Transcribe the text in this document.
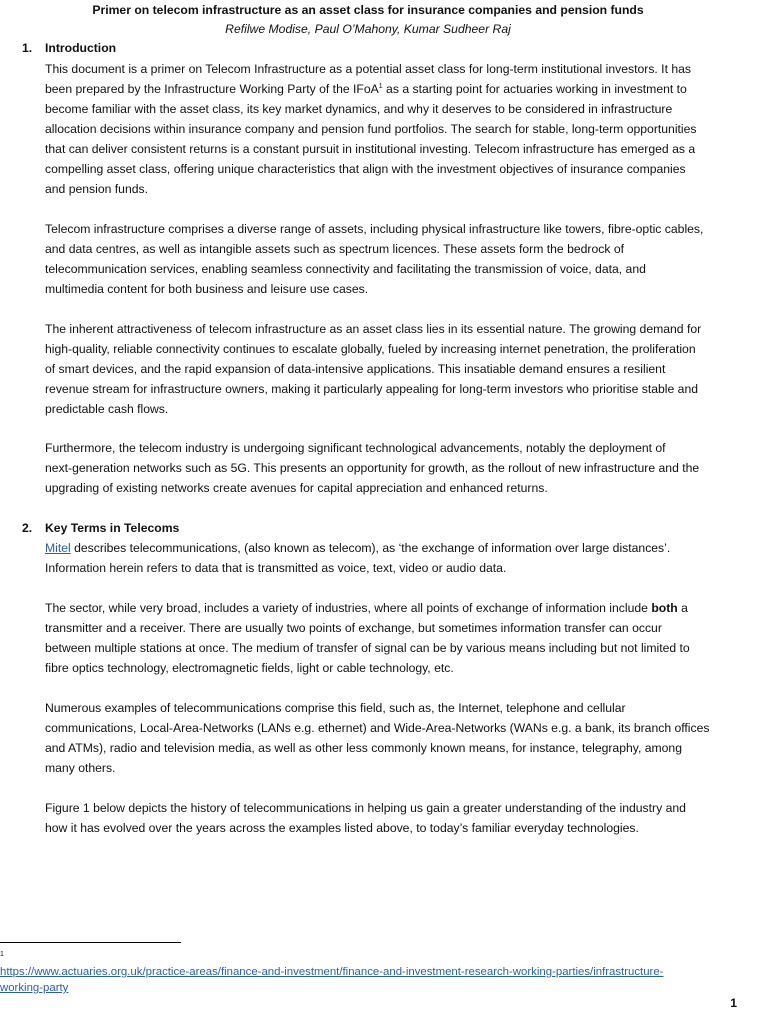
Primer on telecom infrastructure as an asset class for insurance companies and pension funds
Refilwe Modise, Paul O’Mahony, Kumar Sudheer Raj
1.	Introduction
This document is a primer on Telecom Infrastructure as a potential asset class for long-term institutional investors. It has
been prepared by the Infrastructure Working Party of the IFoA$^1$ as a starting point for actuaries working in investment to
become familiar with the asset class, its key market dynamics, and why it deserves to be considered in infrastructure
allocation decisions within insurance company and pension fund portfolios. The search for stable, long-term opportunities
that can deliver consistent returns is a constant pursuit in institutional investing. Telecom infrastructure has emerged as a
compelling asset class, offering unique characteristics that align with the investment objectives of insurance companies
and pension funds.
Telecom infrastructure comprises a diverse range of assets, including physical infrastructure like towers, fibre-optic cables,
and data centres, as well as intangible assets such as spectrum licences. These assets form the bedrock of
telecommunication services, enabling seamless connectivity and facilitating the transmission of voice, data, and
multimedia content for both business and leisure use cases.
The inherent attractiveness of telecom infrastructure as an asset class lies in its essential nature. The growing demand for
high-quality, reliable connectivity continues to escalate globally, fueled by increasing internet penetration, the proliferation
of smart devices, and the rapid expansion of data-intensive applications. This insatiable demand ensures a resilient
revenue stream for infrastructure owners, making it particularly appealing for long-term investors who prioritise stable and
predictable cash flows.
Furthermore, the telecom industry is undergoing significant technological advancements, notably the deployment of
next-generation networks such as 5G. This presents an opportunity for growth, as the rollout of new infrastructure and the
upgrading of existing networks create avenues for capital appreciation and enhanced returns.
2.	Key Terms in Telecoms
Mitel describes telecommunications, (also known as telecom), as ‘the exchange of information over large distances’.
Information herein refers to data that is transmitted as voice, text, video or audio data.
The sector, while very broad, includes a variety of industries, where all points of exchange of information include both a
transmitter and a receiver. There are usually two points of exchange, but sometimes information transfer can occur
between multiple stations at once. The medium of transfer of signal can be by various means including but not limited to
fibre optics technology, electromagnetic fields, light or cable technology, etc.
Numerous examples of telecommunications comprise this field, such as, the Internet, telephone and cellular
communications, Local-Area-Networks (LANs e.g. ethernet) and Wide-Area-Networks (WANs e.g. a bank, its branch offices
and ATMs), radio and television media, as well as other less commonly known means, for instance, telegraphy, among
many others.
Figure 1 below depicts the history of telecommunications in helping us gain a greater understanding of the industry and
how it has evolved over the years across the examples listed above, to today’s familiar everyday technologies.
1
https://www.actuaries.org.uk/practice-areas/finance-and-investment/finance-and-investment-research-working-parties/infrastructure-
working-party
1
